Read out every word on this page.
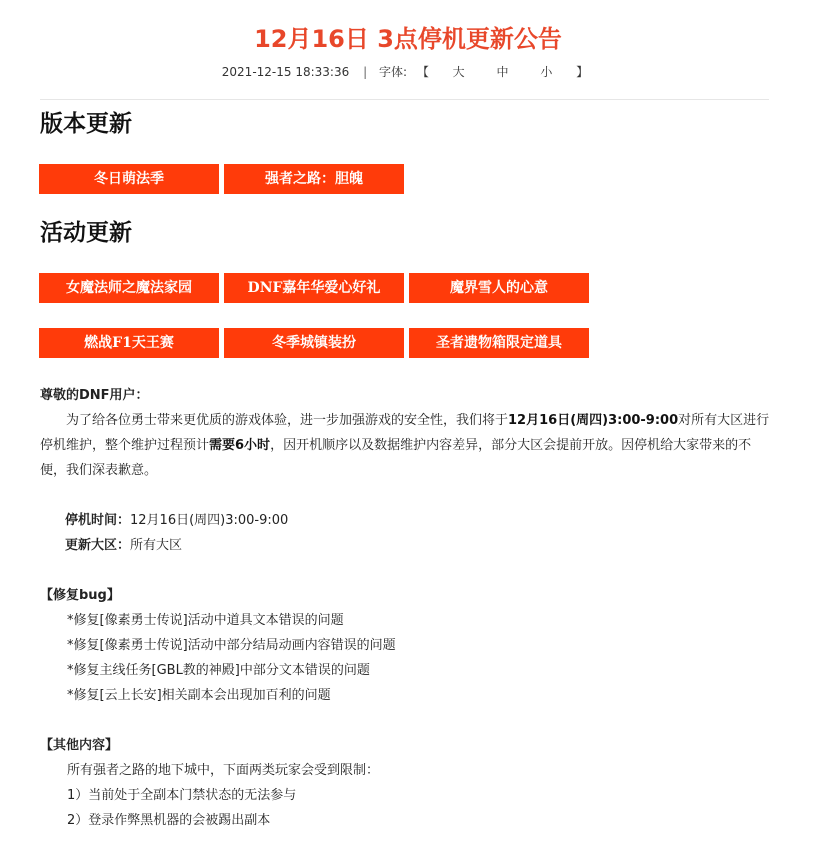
12月16日 3点停机更新公告
2021-12-15 18:33:36 | 字体: 【 大	中	小 】
版本更新
冬日萌法季	强者之路：胆魄
活动更新
女魔法师之魔法家园	DNF嘉年华爱心好礼	魔界雪人的心意
燃战F1天王赛	冬季城镇装扮	圣者遗物箱限定道具

尊敬的DNF用户：

为了给各位勇士带来更优质的游戏体验，进一步加强游戏的安全性，我们将于12月16日(周四)3:00-9:00对所有大区进行停机维护，整个维护过程预计需要6小时，因开机顺序以及数据维护内容差异，部分大区会提前开放。因停机给大家带来的不便，我们深表歉意。

停机时间：12月16日(周四)3:00-9:00
更新大区：所有大区
【修复bug】
*修复[像素勇士传说]活动中道具文本错误的问题
*修复[像素勇士传说]活动中部分结局动画内容错误的问题
*修复主线任务[GBL教的神殿]中部分文本错误的问题
*修复[云上长安]相关副本会出现加百利的问题
【其他内容】
所有强者之路的地下城中，下面两类玩家会受到限制：
1）当前处于全副本门禁状态的无法参与
2）登录作弊黑机器的会被踢出副本
